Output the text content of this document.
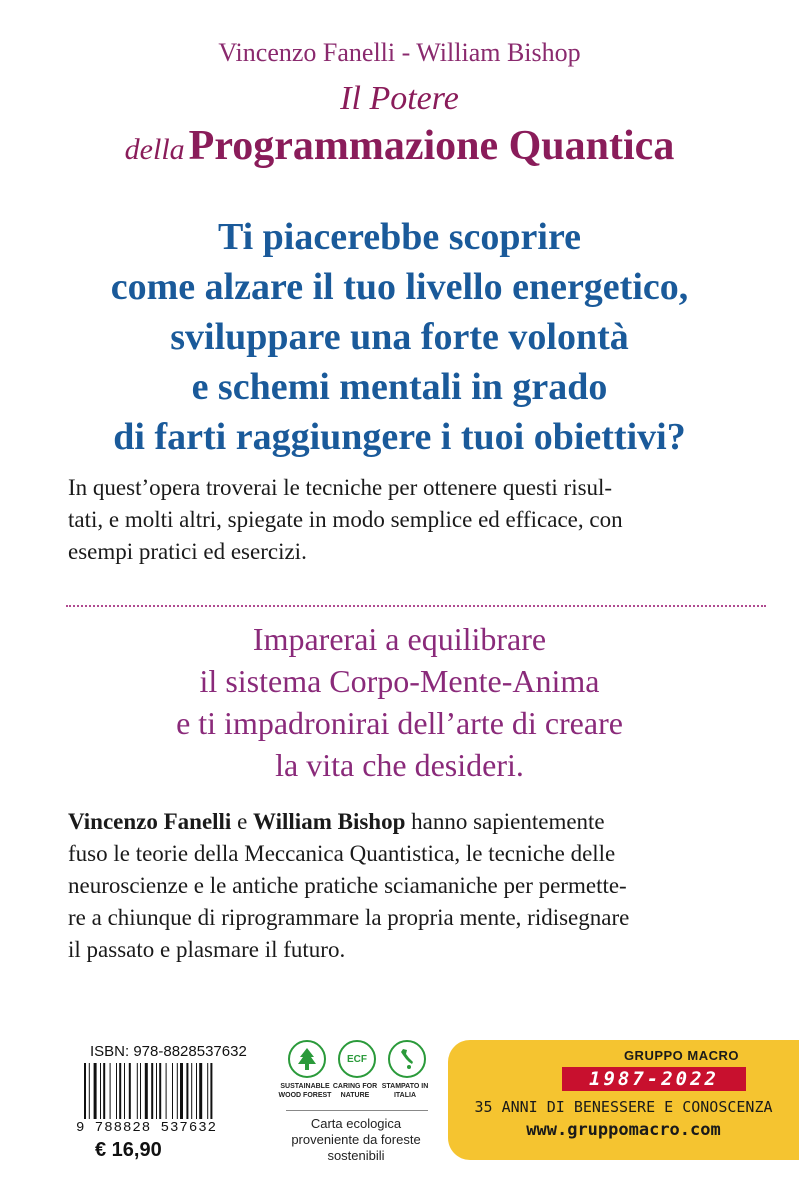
Vincenzo Fanelli - William Bishop
Il Potere
della Programmazione Quantica
Ti piacerebbe scoprire
come alzare il tuo livello energetico,
sviluppare una forte volontà
e schemi mentali in grado
di farti raggiungere i tuoi obiettivi?
In quest’opera troverai le tecniche per ottenere questi risul-
tati, e molti altri, spiegate in modo semplice ed efficace, con
esempi pratici ed esercizi.
Imparerai a equilibrare
il sistema Corpo-Mente-Anima
e ti impadronirai dell’arte di creare
la vita che desideri.
Vincenzo Fanelli e William Bishop hanno sapientemente
fuso le teorie della Meccanica Quantistica, le tecniche delle
neuroscienze e le antiche pratiche sciamaniche per permette-
re a chiunque di riprogrammare la propria mente, ridisegnare
il passato e plasmare il futuro.
ISBN: 978-8828537632
9 788828 537632
€ 16,90
SUSTAINABLE WOOD FOREST
ECF
CARING FOR NATURE
STAMPATO IN ITALIA
Carta ecologica proveniente da foreste sostenibili
GRUPPO MACRO
1987-2022
35 ANNI DI BENESSERE E CONOSCENZA
www.gruppomacro.com
